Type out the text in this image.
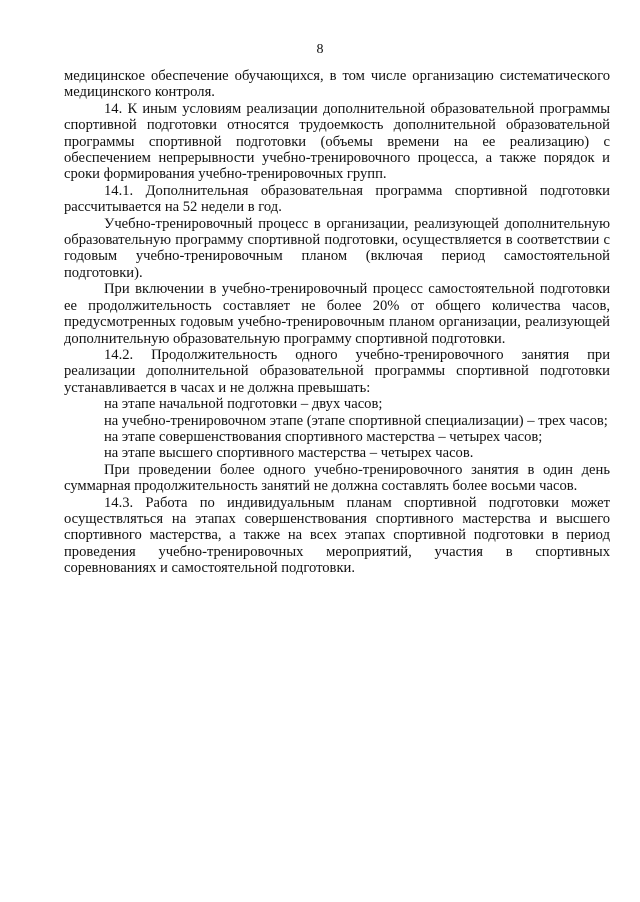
8

медицинское обеспечение обучающихся, в том числе организацию систематического медицинского контроля.

14. К иным условиям реализации дополнительной образовательной программы спортивной подготовки относятся трудоемкость дополнительной образовательной программы спортивной подготовки (объемы времени на ее реализацию) с обеспечением непрерывности учебно-тренировочного процесса, а также порядок и сроки формирования учебно-тренировочных групп.

14.1. Дополнительная образовательная программа спортивной подготовки рассчитывается на 52 недели в год.

Учебно-тренировочный процесс в организации, реализующей дополнительную образовательную программу спортивной подготовки, осуществляется в соответствии с годовым учебно-тренировочным планом (включая период самостоятельной подготовки).

При включении в учебно-тренировочный процесс самостоятельной подготовки ее продолжительность составляет не более 20% от общего количества часов, предусмотренных годовым учебно-тренировочным планом организации, реализующей дополнительную образовательную программу спортивной подготовки.

14.2. Продолжительность одного учебно-тренировочного занятия при реализации дополнительной образовательной программы спортивной подготовки устанавливается в часах и не должна превышать:

на этапе начальной подготовки – двух часов;

на учебно-тренировочном этапе (этапе спортивной специализации) – трех часов;

на этапе совершенствования спортивного мастерства – четырех часов;

на этапе высшего спортивного мастерства – четырех часов.

При проведении более одного учебно-тренировочного занятия в один день суммарная продолжительность занятий не должна составлять более восьми часов.

14.3. Работа по индивидуальным планам спортивной подготовки может осуществляться на этапах совершенствования спортивного мастерства и высшего спортивного мастерства, а также на всех этапах спортивной подготовки в период проведения учебно-тренировочных мероприятий, участия в спортивных соревнованиях и самостоятельной подготовки.
